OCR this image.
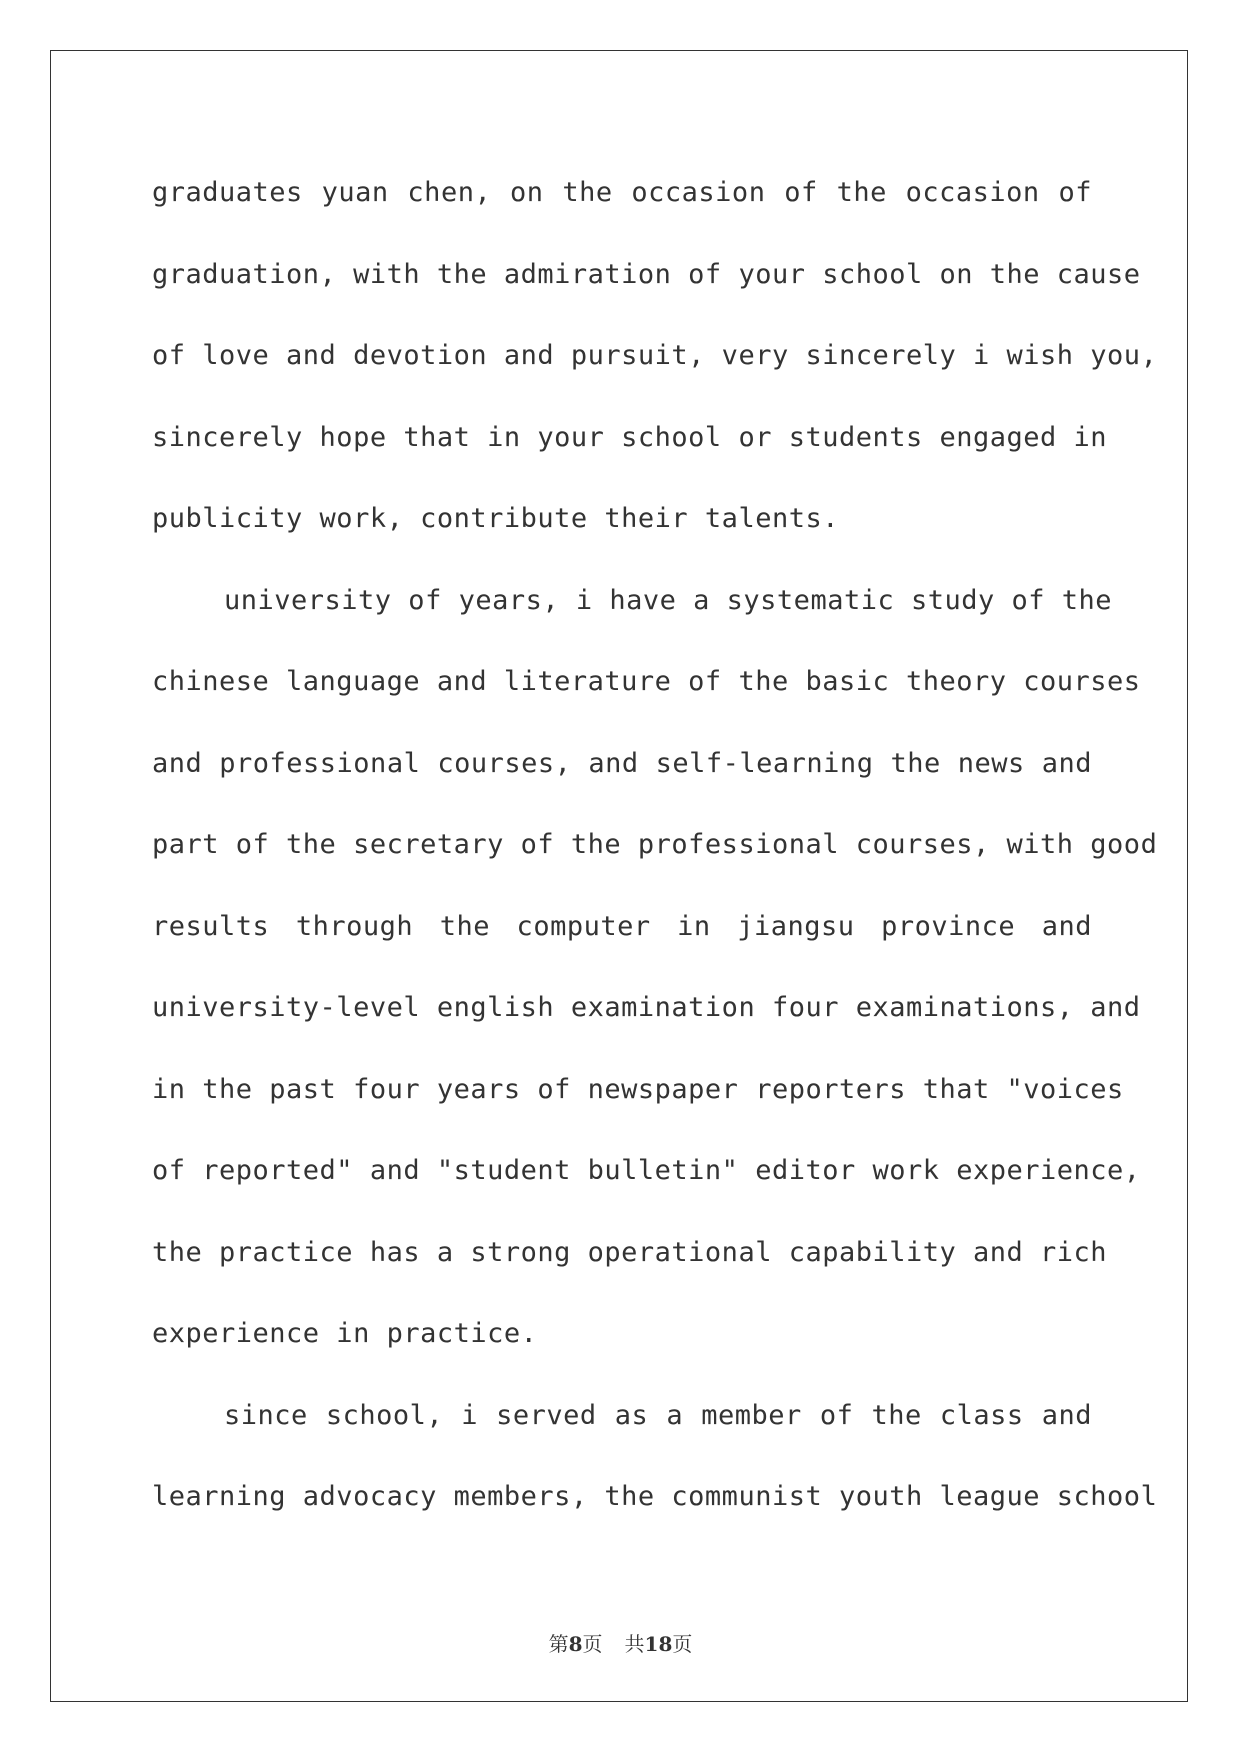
graduates yuan chen, on the occasion of the occasion of
graduation, with the admiration of your school on the cause
of love and devotion and pursuit, very sincerely i wish you,
sincerely hope that in your school or students engaged in
publicity work, contribute their talents.
university of years, i have a systematic study of the
chinese language and literature of the basic theory courses
and professional courses, and self-learning the news and
part of the secretary of the professional courses, with good
results through the computer in jiangsu province and
university-level english examination four examinations, and
in the past four years of newspaper reporters that "voices
of reported" and "student bulletin" editor work experience,
the practice has a strong operational capability and rich
experience in practice.
since school, i served as a member of the class and
learning advocacy members, the communist youth league school
第8页 共18页
